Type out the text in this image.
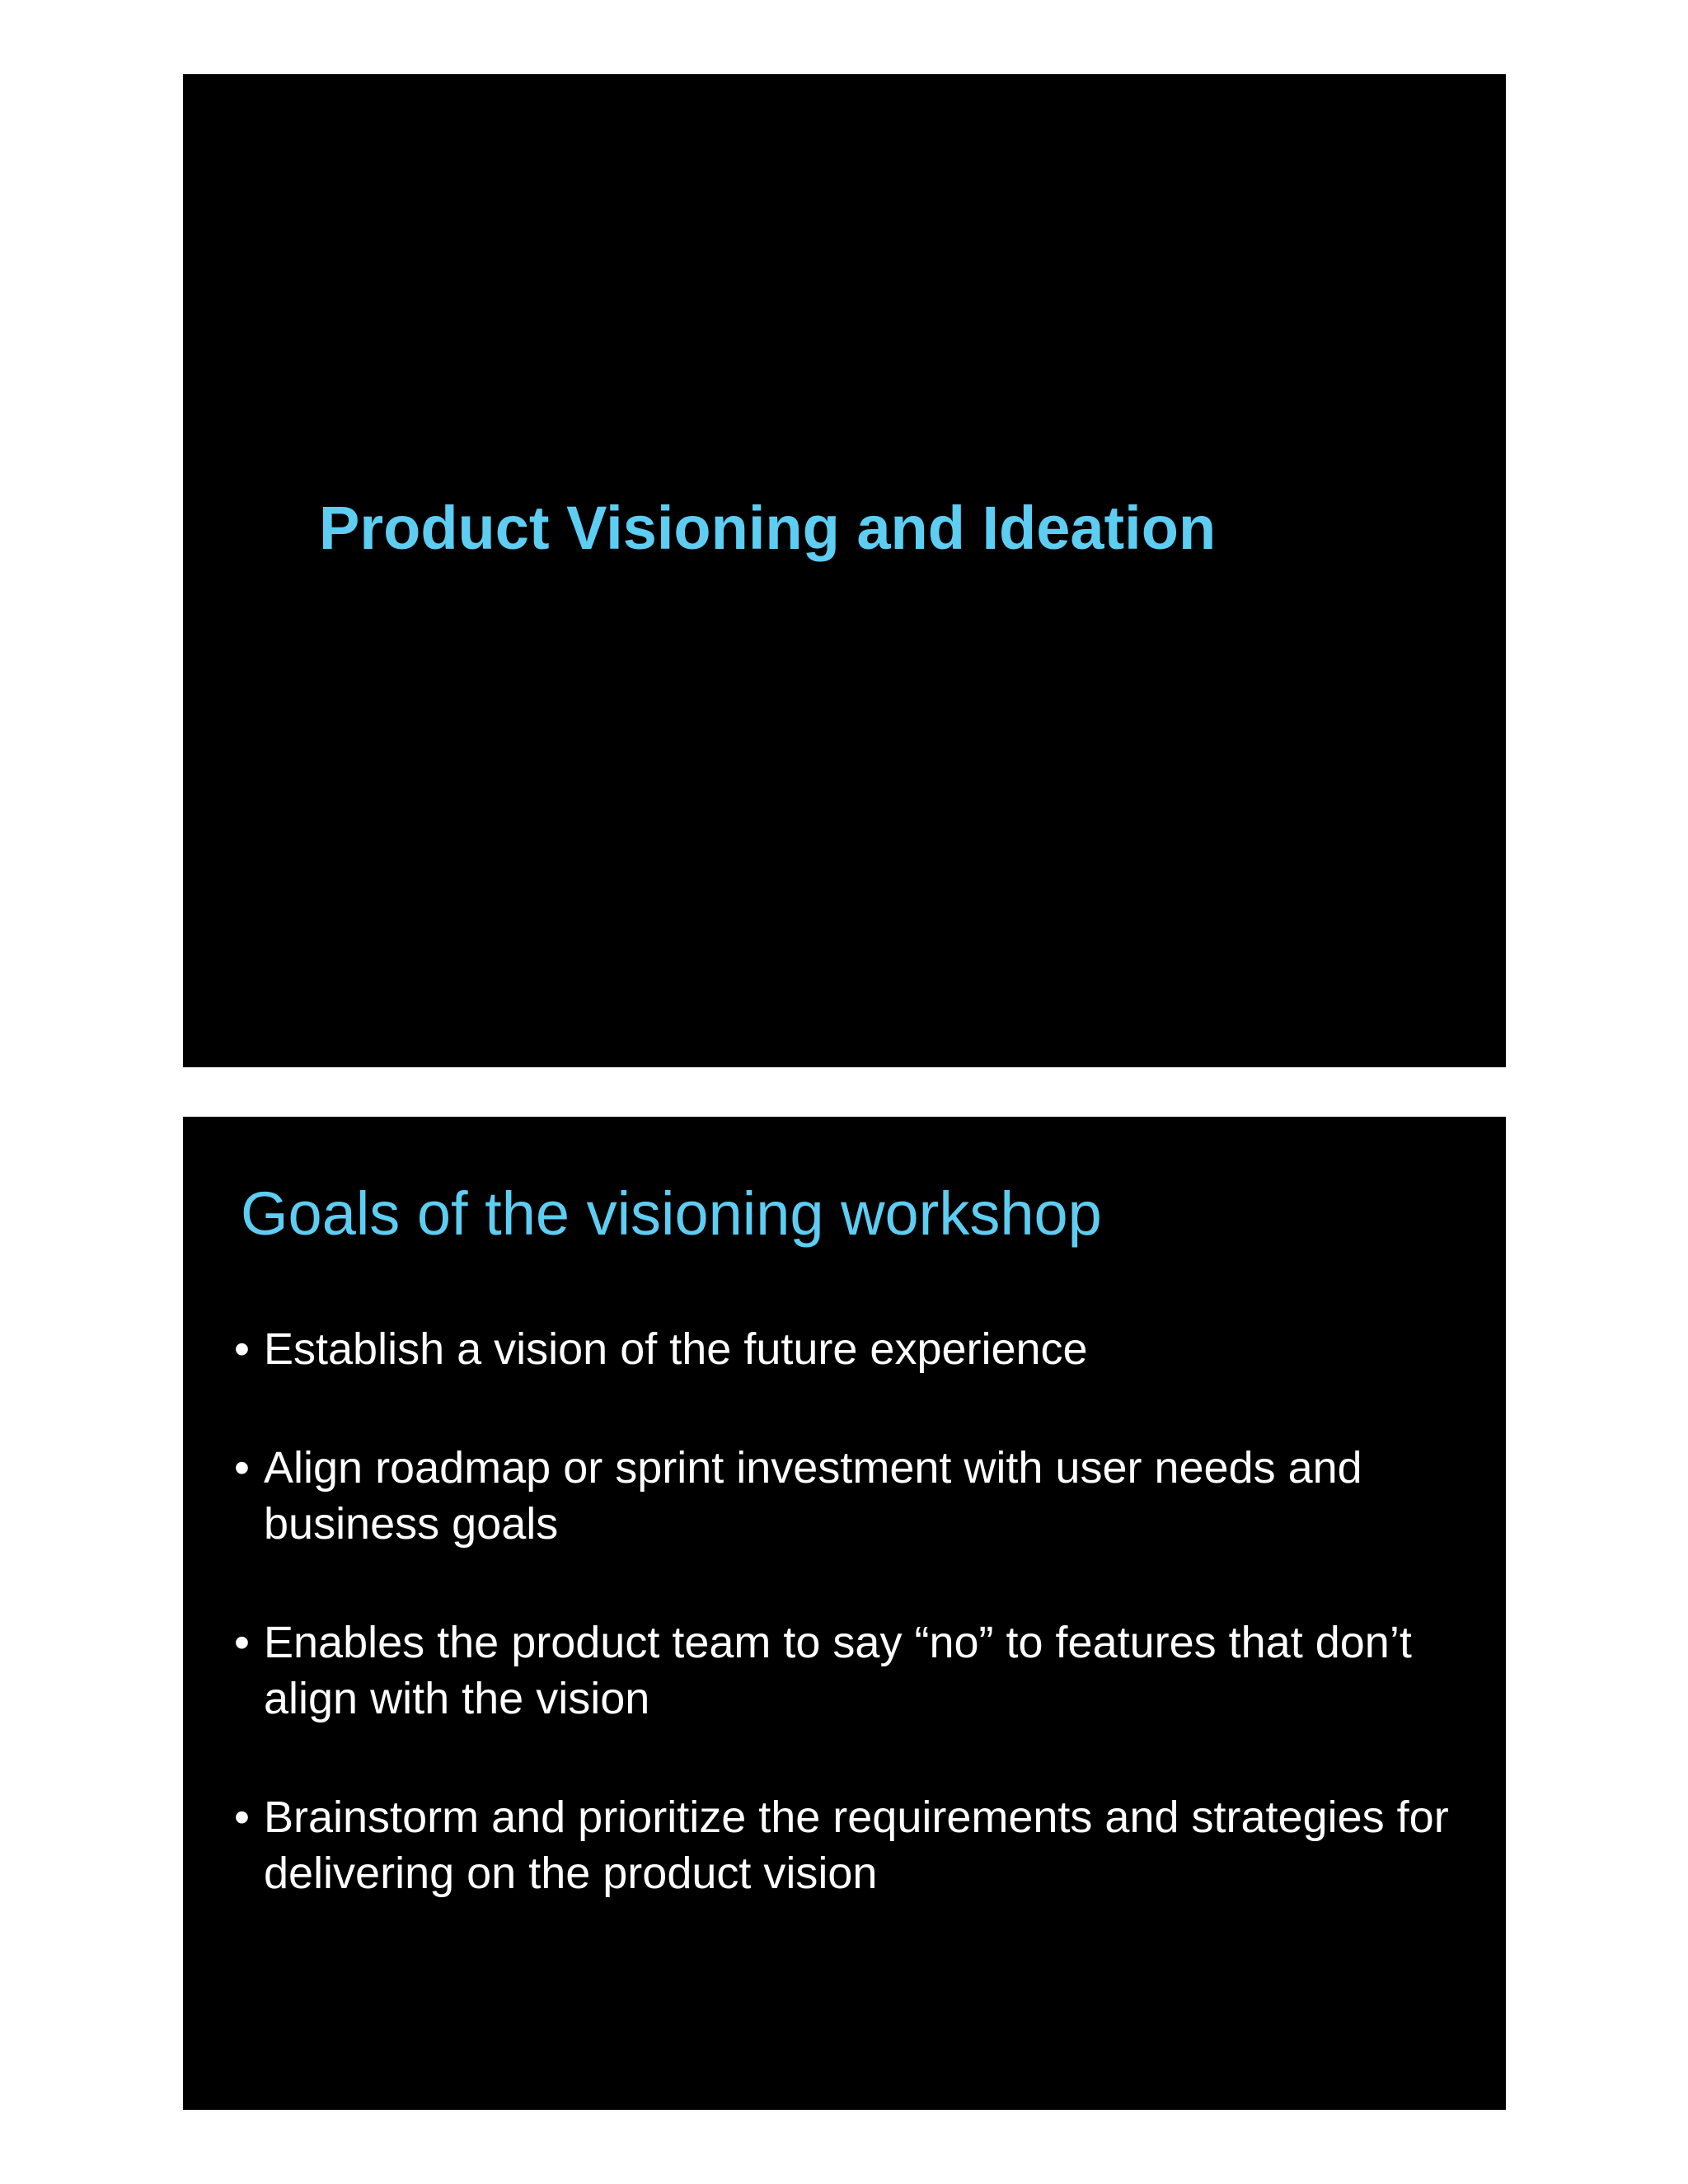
Product Visioning and Ideation
Goals of the visioning workshop
• Establish a vision of the future experience
• Align roadmap or sprint investment with user needs and business goals
• Enables the product team to say “no” to features that don’t align with the vision
• Brainstorm and prioritize the requirements and strategies for delivering on the product vision
